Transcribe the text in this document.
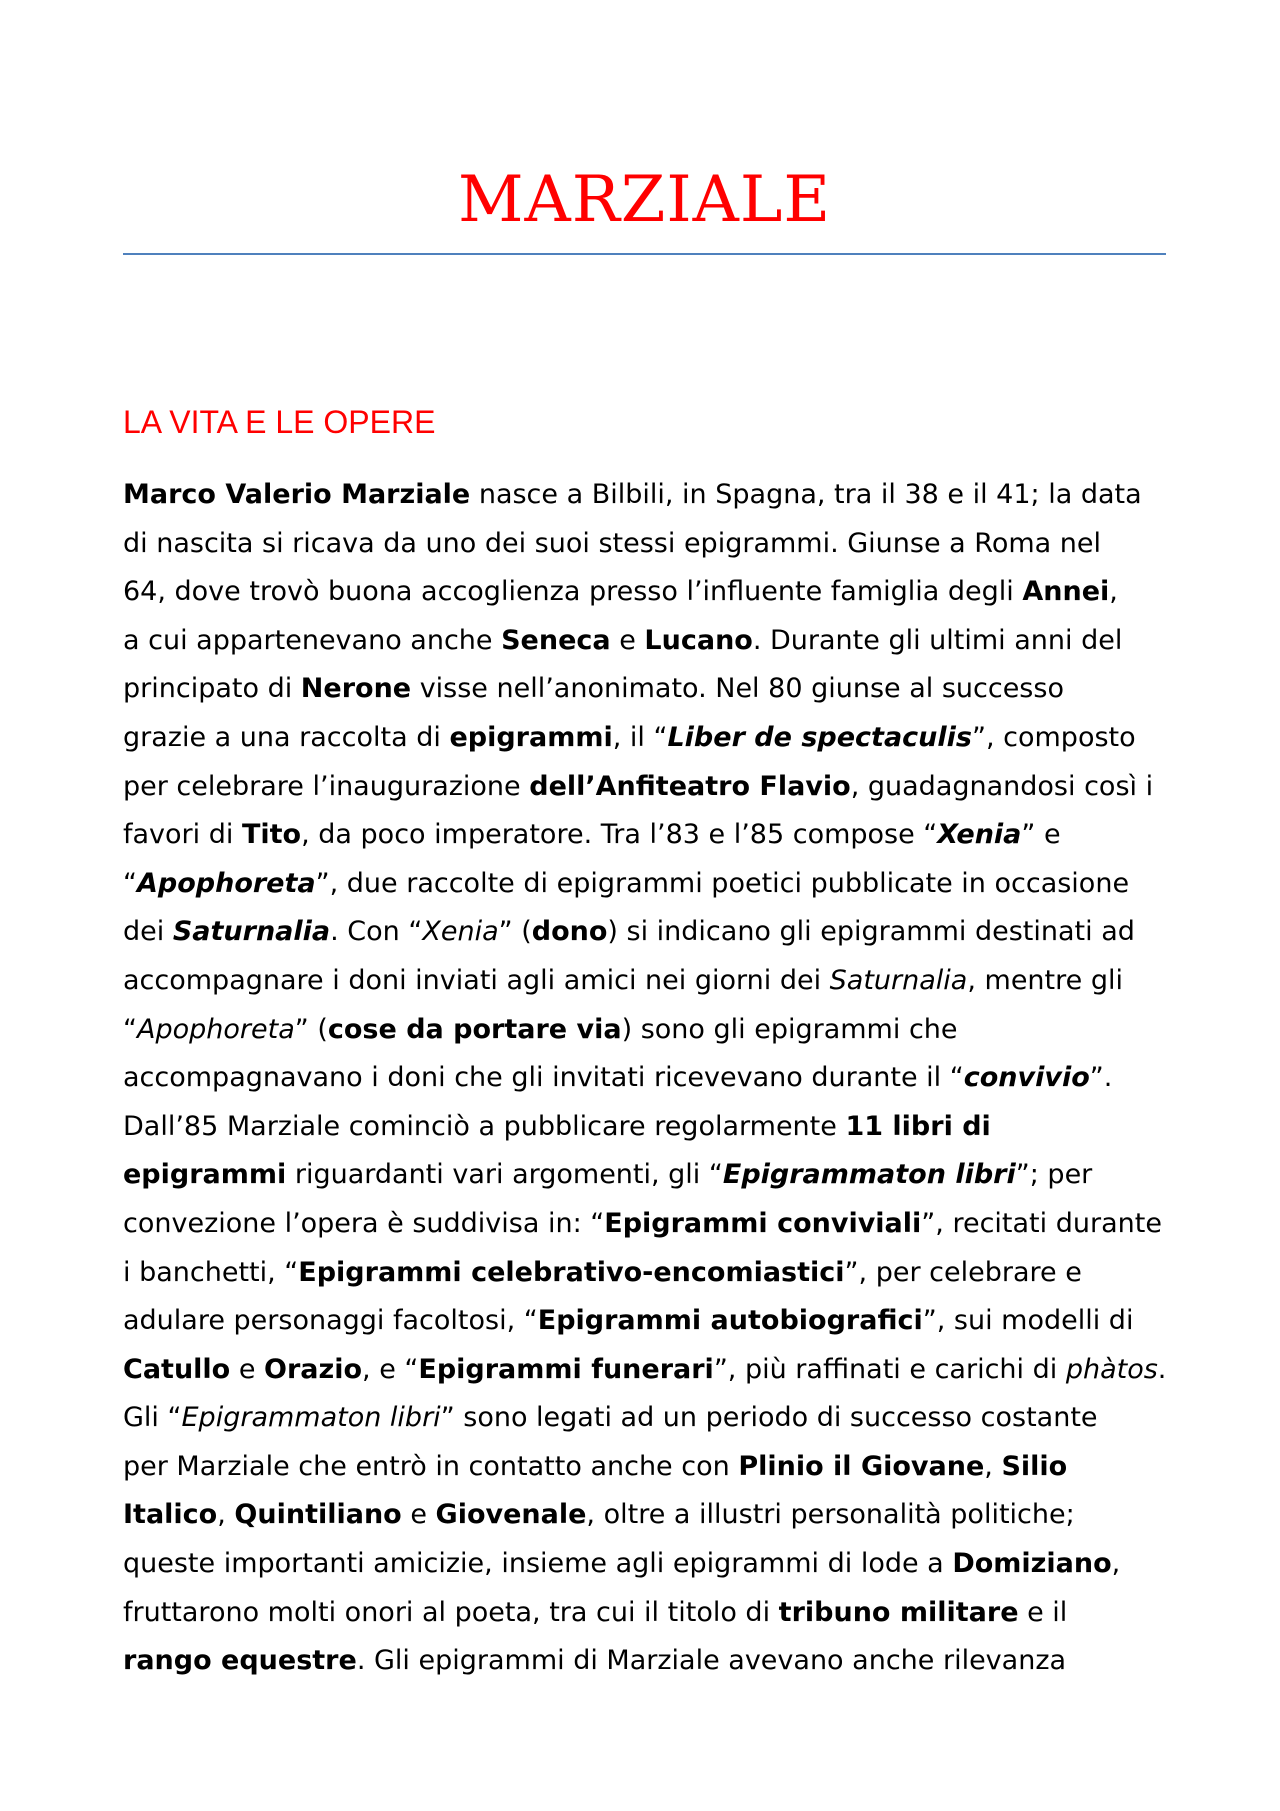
MARZIALE
LA VITA E LE OPERE
Marco Valerio Marziale nasce a Bilbili, in Spagna, tra il 38 e il 41; la data
di nascita si ricava da uno dei suoi stessi epigrammi. Giunse a Roma nel
64, dove trovò buona accoglienza presso l’influente famiglia degli Annei,
a cui appartenevano anche Seneca e Lucano. Durante gli ultimi anni del
principato di Nerone visse nell’anonimato. Nel 80 giunse al successo
grazie a una raccolta di epigrammi, il “Liber de spectaculis”, composto
per celebrare l’inaugurazione dell’Anfiteatro Flavio, guadagnandosi così i
favori di Tito, da poco imperatore. Tra l’83 e l’85 compose “Xenia” e
“Apophoreta”, due raccolte di epigrammi poetici pubblicate in occasione
dei Saturnalia. Con “Xenia” (dono) si indicano gli epigrammi destinati ad
accompagnare i doni inviati agli amici nei giorni dei Saturnalia, mentre gli
“Apophoreta” (cose da portare via) sono gli epigrammi che
accompagnavano i doni che gli invitati ricevevano durante il “convivio”.
Dall’85 Marziale cominciò a pubblicare regolarmente 11 libri di
epigrammi riguardanti vari argomenti, gli “Epigrammaton libri”; per
convezione l’opera è suddivisa in: “Epigrammi conviviali”, recitati durante
i banchetti, “Epigrammi celebrativo-encomiastici”, per celebrare e
adulare personaggi facoltosi, “Epigrammi autobiografici”, sui modelli di
Catullo e Orazio, e “Epigrammi funerari”, più raffinati e carichi di phàtos.
Gli “Epigrammaton libri” sono legati ad un periodo di successo costante
per Marziale che entrò in contatto anche con Plinio il Giovane, Silio
Italico, Quintiliano e Giovenale, oltre a illustri personalità politiche;
queste importanti amicizie, insieme agli epigrammi di lode a Domiziano,
fruttarono molti onori al poeta, tra cui il titolo di tribuno militare e il
rango equestre. Gli epigrammi di Marziale avevano anche rilevanza
